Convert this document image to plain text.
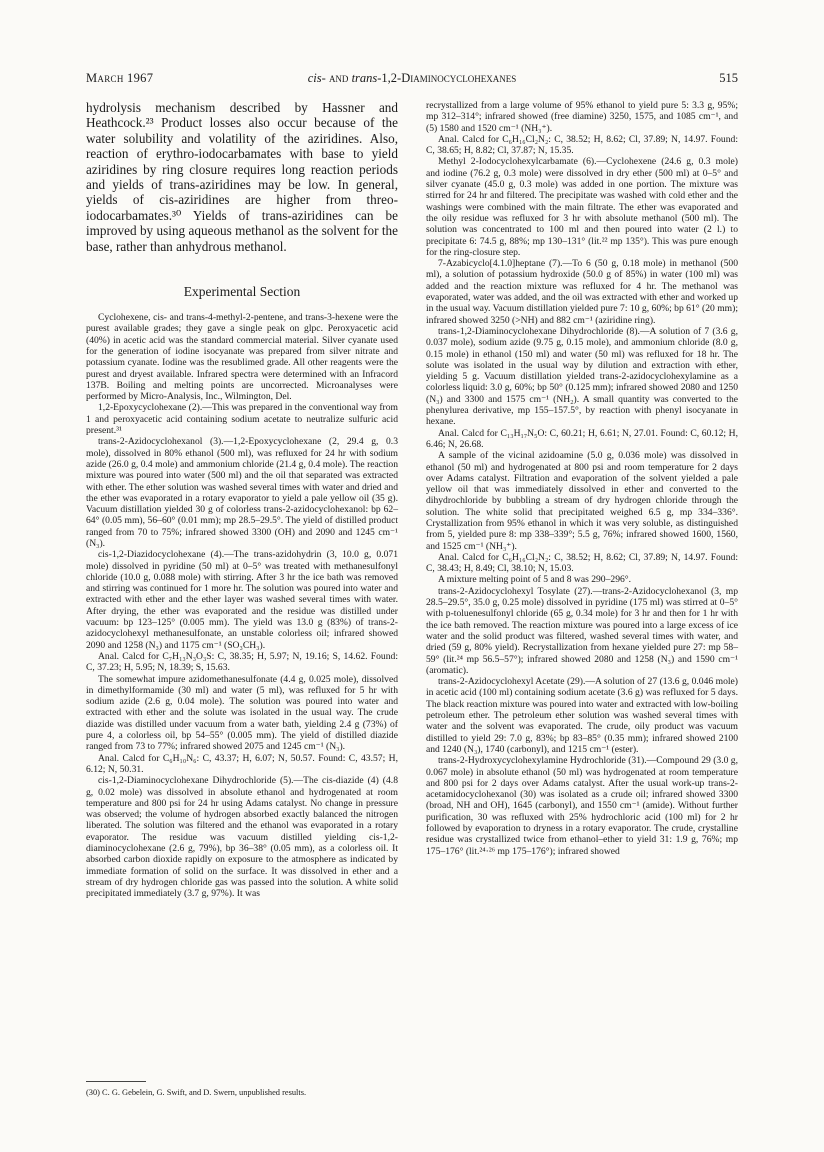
March 1967	cis- and trans-1,2-Diaminocyclohexanes	515

hydrolysis mechanism described by Hassner and Heathcock.²³ Product losses also occur because of the water solubility and volatility of the aziridines. Also, reaction of erythro-iodocarbamates with base to yield aziridines by ring closure requires long reaction periods and yields of trans-aziridines may be low. In general, yields of cis-aziridines are higher from threo-iodocarbamates.³⁰ Yields of trans-aziridines can be improved by using aqueous methanol as the solvent for the base, rather than anhydrous methanol.

Experimental Section

Cyclohexene, cis- and trans-4-methyl-2-pentene, and trans-3-hexene were the purest available grades; they gave a single peak on glpc. Peroxyacetic acid (40%) in acetic acid was the standard commercial material. Silver cyanate used for the generation of iodine isocyanate was prepared from silver nitrate and potassium cyanate. Iodine was the resublimed grade. All other reagents were the purest and dryest available. Infrared spectra were determined with an Infracord 137B. Boiling and melting points are uncorrected. Microanalyses were performed by Micro-Analysis, Inc., Wilmington, Del.

1,2-Epoxycyclohexane (2).—This was prepared in the conventional way from 1 and peroxyacetic acid containing sodium acetate to neutralize sulfuric acid present.³¹

trans-2-Azidocyclohexanol (3).—1,2-Epoxycyclohexane (2, 29.4 g, 0.3 mole), dissolved in 80% ethanol (500 ml), was refluxed for 24 hr with sodium azide (26.0 g, 0.4 mole) and ammonium chloride (21.4 g, 0.4 mole). The reaction mixture was poured into water (500 ml) and the oil that separated was extracted with ether. The ether solution was washed several times with water and dried and the ether was evaporated in a rotary evaporator to yield a pale yellow oil (35 g). Vacuum distillation yielded 30 g of colorless trans-2-azidocyclohexanol: bp 62–64° (0.05 mm), 56–60° (0.01 mm); mp 28.5–29.5°. The yield of distilled product ranged from 70 to 75%; infrared showed 3300 (OH) and 2090 and 1245 cm⁻¹ (N₃).

cis-1,2-Diazidocyclohexane (4).—The trans-azidohydrin (3, 10.0 g, 0.071 mole) dissolved in pyridine (50 ml) at 0–5° was treated with methanesulfonyl chloride (10.0 g, 0.088 mole) with stirring. After 3 hr the ice bath was removed and stirring was continued for 1 more hr. The solution was poured into water and extracted with ether and the ether layer was washed several times with water. After drying, the ether was evaporated and the residue was distilled under vacuum: bp 123–125° (0.005 mm). The yield was 13.0 g (83%) of trans-2-azidocyclohexyl methanesulfonate, an unstable colorless oil; infrared showed 2090 and 1258 (N₃) and 1175 cm⁻¹ (SO₃CH₃).

Anal. Calcd for C₇H₁₃N₃O₃S: C, 38.35; H, 5.97; N, 19.16; S, 14.62. Found: C, 37.23; H, 5.95; N, 18.39; S, 15.63.

The somewhat impure azidomethanesulfonate (4.4 g, 0.025 mole), dissolved in dimethylformamide (30 ml) and water (5 ml), was refluxed for 5 hr with sodium azide (2.6 g, 0.04 mole). The solution was poured into water and extracted with ether and the solute was isolated in the usual way. The crude diazide was distilled under vacuum from a water bath, yielding 2.4 g (73%) of pure 4, a colorless oil, bp 54–55° (0.005 mm). The yield of distilled diazide ranged from 73 to 77%; infrared showed 2075 and 1245 cm⁻¹ (N₃).

Anal. Calcd for C₆H₁₀N₆: C, 43.37; H, 6.07; N, 50.57. Found: C, 43.57; H, 6.12; N, 50.31.

cis-1,2-Diaminocyclohexane Dihydrochloride (5).—The cis-diazide (4) (4.8 g, 0.02 mole) was dissolved in absolute ethanol and hydrogenated at room temperature and 800 psi for 24 hr using Adams catalyst. No change in pressure was observed; the volume of hydrogen absorbed exactly balanced the nitrogen liberated. The solution was filtered and the ethanol was evaporated in a rotary evaporator. The residue was vacuum distilled yielding cis-1,2-diaminocyclohexane (2.6 g, 79%), bp 36–38° (0.05 mm), as a colorless oil. It absorbed carbon dioxide rapidly on exposure to the atmosphere as indicated by immediate formation of solid on the surface. It was dissolved in ether and a stream of dry hydrogen chloride gas was passed into the solution. A white solid precipitated immediately (3.7 g, 97%). It was

(30) C. G. Gebelein, G. Swift, and D. Swern, unpublished results.

recrystallized from a large volume of 95% ethanol to yield pure 5: 3.3 g, 95%; mp 312–314°; infrared showed (free diamine) 3250, 1575, and 1085 cm⁻¹, and (5) 1580 and 1520 cm⁻¹ (NH₃⁺).

Anal. Calcd for C₆H₁₆Cl₂N₂: C, 38.52; H, 8.62; Cl, 37.89; N, 14.97. Found: C, 38.65; H, 8.82; Cl, 37.87; N, 15.35.

Methyl 2-Iodocyclohexylcarbamate (6).—Cyclohexene (24.6 g, 0.3 mole) and iodine (76.2 g, 0.3 mole) were dissolved in dry ether (500 ml) at 0–5° and silver cyanate (45.0 g, 0.3 mole) was added in one portion. The mixture was stirred for 24 hr and filtered. The precipitate was washed with cold ether and the washings were combined with the main filtrate. The ether was evaporated and the oily residue was refluxed for 3 hr with absolute methanol (500 ml). The solution was concentrated to 100 ml and then poured into water (2 l.) to precipitate 6: 74.5 g, 88%; mp 130–131° (lit.²² mp 135°). This was pure enough for the ring-closure step.

7-Azabicyclo[4.1.0]heptane (7).—To 6 (50 g, 0.18 mole) in methanol (500 ml), a solution of potassium hydroxide (50.0 g of 85%) in water (100 ml) was added and the reaction mixture was refluxed for 4 hr. The methanol was evaporated, water was added, and the oil was extracted with ether and worked up in the usual way. Vacuum distillation yielded pure 7: 10 g, 60%; bp 61° (20 mm); infrared showed 3250 (>NH) and 882 cm⁻¹ (aziridine ring).

trans-1,2-Diaminocyclohexane Dihydrochloride (8).—A solution of 7 (3.6 g, 0.037 mole), sodium azide (9.75 g, 0.15 mole), and ammonium chloride (8.0 g, 0.15 mole) in ethanol (150 ml) and water (50 ml) was refluxed for 18 hr. The solute was isolated in the usual way by dilution and extraction with ether, yielding 5 g. Vacuum distillation yielded trans-2-azidocyclohexylamine as a colorless liquid: 3.0 g, 60%; bp 50° (0.125 mm); infrared showed 2080 and 1250 (N₃) and 3300 and 1575 cm⁻¹ (NH₂). A small quantity was converted to the phenylurea derivative, mp 155–157.5°, by reaction with phenyl isocyanate in hexane.

Anal. Calcd for C₁₃H₁₇N₅O: C, 60.21; H, 6.61; N, 27.01. Found: C, 60.12; H, 6.46; N, 26.68.

A sample of the vicinal azidoamine (5.0 g, 0.036 mole) was dissolved in ethanol (50 ml) and hydrogenated at 800 psi and room temperature for 2 days over Adams catalyst. Filtration and evaporation of the solvent yielded a pale yellow oil that was immediately dissolved in ether and converted to the dihydrochloride by bubbling a stream of dry hydrogen chloride through the solution. The white solid that precipitated weighed 6.5 g, mp 334–336°. Crystallization from 95% ethanol in which it was very soluble, as distinguished from 5, yielded pure 8: mp 338–339°; 5.5 g, 76%; infrared showed 1600, 1560, and 1525 cm⁻¹ (NH₃⁺).

Anal. Calcd for C₆H₁₆Cl₂N₂: C, 38.52; H, 8.62; Cl, 37.89; N, 14.97. Found: C, 38.43; H, 8.49; Cl, 38.10; N, 15.03.

A mixture melting point of 5 and 8 was 290–296°.

trans-2-Azidocyclohexyl Tosylate (27).—trans-2-Azidocyclohexanol (3, mp 28.5–29.5°, 35.0 g, 0.25 mole) dissolved in pyridine (175 ml) was stirred at 0–5° with p-toluenesulfonyl chloride (65 g, 0.34 mole) for 3 hr and then for 1 hr with the ice bath removed. The reaction mixture was poured into a large excess of ice water and the solid product was filtered, washed several times with water, and dried (59 g, 80% yield). Recrystallization from hexane yielded pure 27: mp 58–59° (lit.²⁴ mp 56.5–57°); infrared showed 2080 and 1258 (N₃) and 1590 cm⁻¹ (aromatic).

trans-2-Azidocyclohexyl Acetate (29).—A solution of 27 (13.6 g, 0.046 mole) in acetic acid (100 ml) containing sodium acetate (3.6 g) was refluxed for 5 days. The black reaction mixture was poured into water and extracted with low-boiling petroleum ether. The petroleum ether solution was washed several times with water and the solvent was evaporated. The crude, oily product was vacuum distilled to yield 29: 7.0 g, 83%; bp 83–85° (0.35 mm); infrared showed 2100 and 1240 (N₃), 1740 (carbonyl), and 1215 cm⁻¹ (ester).

trans-2-Hydroxycyclohexylamine Hydrochloride (31).—Compound 29 (3.0 g, 0.067 mole) in absolute ethanol (50 ml) was hydrogenated at room temperature and 800 psi for 2 days over Adams catalyst. After the usual work-up trans-2-acetamidocyclohexanol (30) was isolated as a crude oil; infrared showed 3300 (broad, NH and OH), 1645 (carbonyl), and 1550 cm⁻¹ (amide). Without further purification, 30 was refluxed with 25% hydrochloric acid (100 ml) for 2 hr followed by evaporation to dryness in a rotary evaporator. The crude, crystalline residue was crystallized twice from ethanol–ether to yield 31: 1.9 g, 76%; mp 175–176° (lit.²⁴·²⁶ mp 175–176°); infrared showed
